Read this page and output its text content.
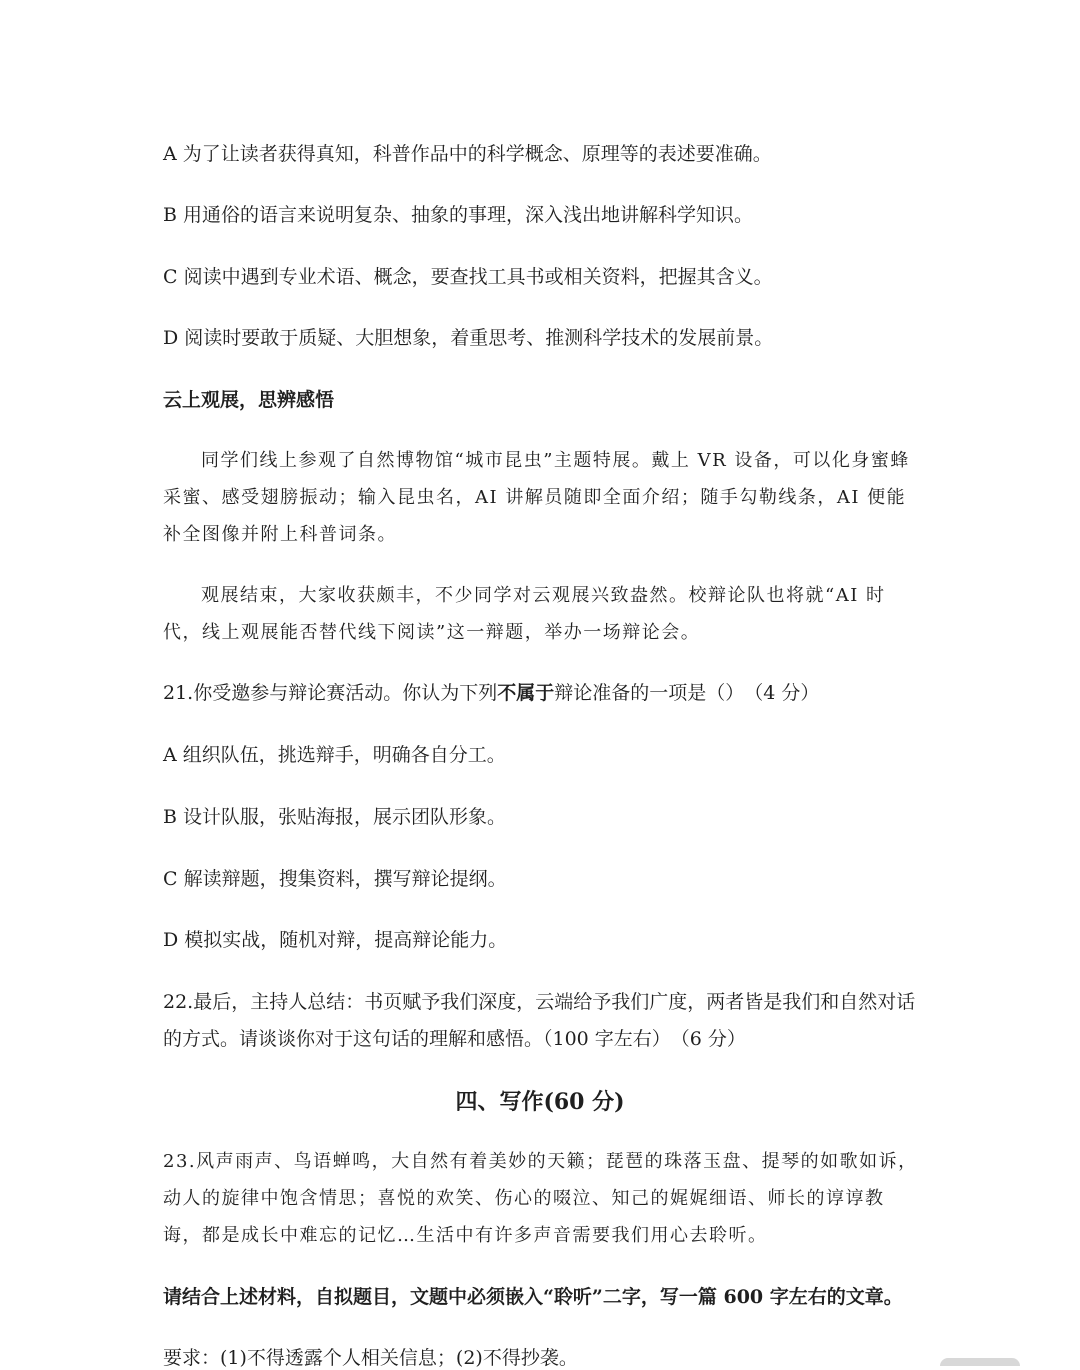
A 为了让读者获得真知，科普作品中的科学概念、原理等的表述要准确。
B 用通俗的语言来说明复杂、抽象的事理，深入浅出地讲解科学知识。
C 阅读中遇到专业术语、概念，要查找工具书或相关资料，把握其含义。
D 阅读时要敢于质疑、大胆想象，着重思考、推测科学技术的发展前景。
云上观展，思辨感悟
同学们线上参观了自然博物馆“城市昆虫”主题特展。戴上 VR 设备，可以化身蜜蜂采蜜、感受翅膀振动；输入昆虫名，AI 讲解员随即全面介绍；随手勾勒线条，AI 便能补全图像并附上科普词条。
观展结束，大家收获颇丰，不少同学对云观展兴致盎然。校辩论队也将就“AI 时代，线上观展能否替代线下阅读”这一辩题，举办一场辩论会。
21.你受邀参与辩论赛活动。你认为下列不属于辩论准备的一项是（）　（4 分）
A 组织队伍，挑选辩手，明确各自分工。
B 设计队服，张贴海报，展示团队形象。
C 解读辩题，搜集资料，撰写辩论提纲。
D 模拟实战，随机对辩，提高辩论能力。
22.最后，主持人总结：书页赋予我们深度，云端给予我们广度，两者皆是我们和自然对话的方式。请谈谈你对于这句话的理解和感悟。（100 字左右）　（6 分）
四、写作(60 分)
23.风声雨声、鸟语蝉鸣，大自然有着美妙的天籁；琵琶的珠落玉盘、提琴的如歌如诉，动人的旋律中饱含情思；喜悦的欢笑、伤心的啜泣、知己的娓娓细语、师长的谆谆教诲，都是成长中难忘的记忆…生活中有许多声音需要我们用心去聆听。
请结合上述材料，自拟题目，文题中必须嵌入“聆听”二字，写一篇 600 字左右的文章。
要求：(1)不得透露个人相关信息；(2)不得抄袭。
